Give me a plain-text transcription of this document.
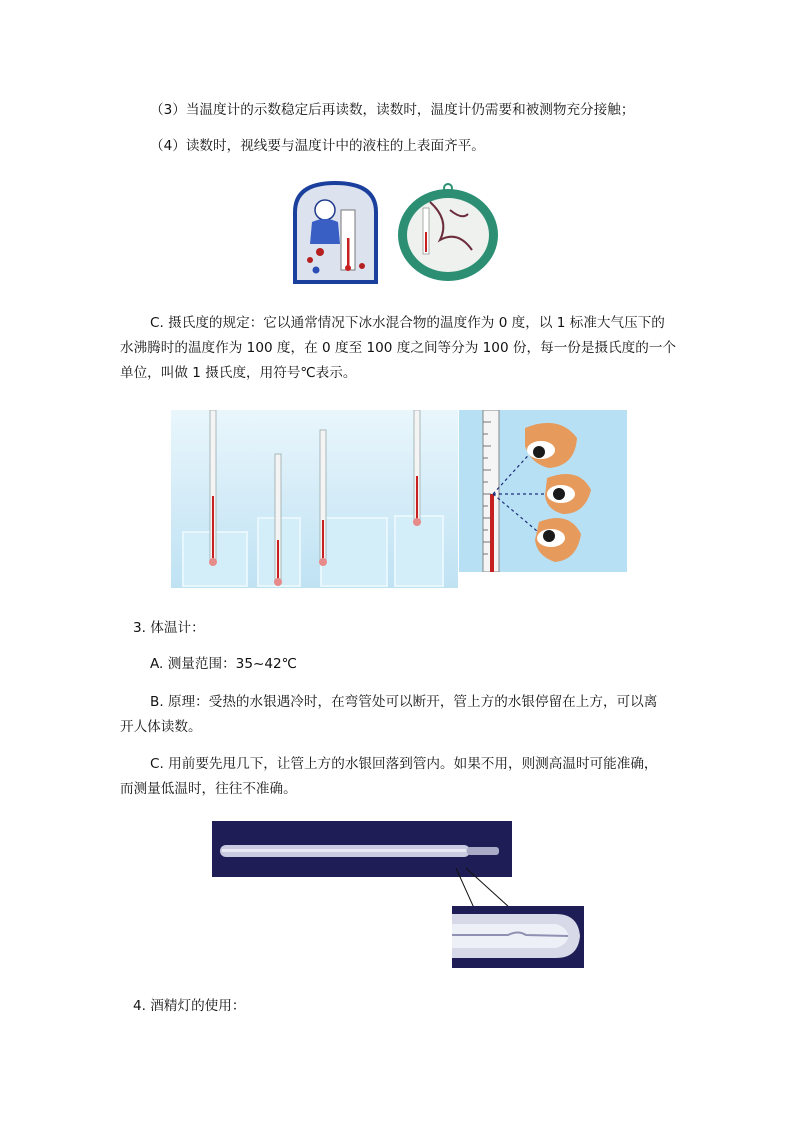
（3）当温度计的示数稳定后再读数，读数时，温度计仍需要和被测物充分接触；
（4）读数时，视线要与温度计中的液柱的上表面齐平。
C. 摄氏度的规定：它以通常情况下冰水混合物的温度作为 0 度，以 1 标准大气压下的
水沸腾时的温度作为 100 度，在 0 度至 100 度之间等分为 100 份，每一份是摄氏度的一个
单位，叫做 1 摄氏度，用符号℃表示。
3. 体温计：
A. 测量范围：35~42℃
B. 原理：受热的水银遇冷时，在弯管处可以断开，管上方的水银停留在上方，可以离
开人体读数。
C. 用前要先甩几下，让管上方的水银回落到管内。如果不用，则测高温时可能准确，
而测量低温时，往往不准确。
4. 酒精灯的使用：
